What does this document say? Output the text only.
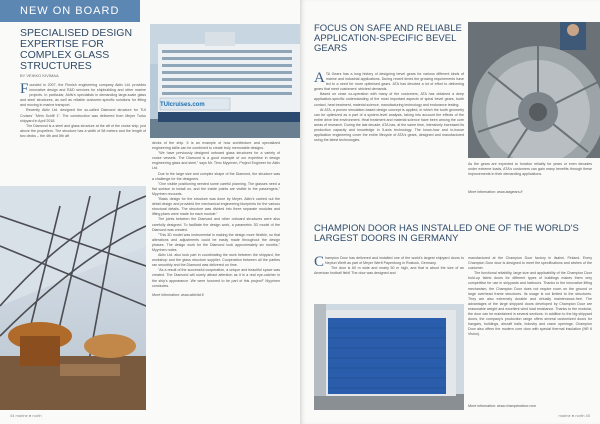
NEW ON BOARD
SPECIALISED DESIGN EXPERTISE FOR COMPLEX GLASS STRUCTURES
BY VEIKKO KIVIMAA
TUIcruises.com

Founded in 2007, the Finnish engineering company Aktiv Ltd. provides innovative design and R&D services for shipbuilding and other marine projects. In particular, Aktiv's specialists in demanding large-scale glass and steel structures, as well as reliable customer-specific solutions for lifting and moving in marine transport.

Recently Aktiv Ltd. designed the so-called Diamond structure for TUI Cruises' "Mein Schiff 1". The construction was delivered from Meyer Turku shipyard in April 2018.

The Diamond is a steel and glass structure at the aft of the cruise ship, just above the propellers. The structure has a width of 58 meters and the length of two decks – the 4th and 5th aft

decks of the ship. It is an example of how architecture and specialized engineering skills can be combined to create truly memorable designs.

"We have previously designed onboard glass structures for a variety of cruise vessels. The Diamond is a good example of our expertise in design engineering glass and steel," says Mr. Timo Myyrinen, Project Engineer for Aktiv Ltd.

Due to the large size and complex shape of the Diamond, the structure was a challenge for the designers.

"One visible positioning needed some careful planning. The glasses need a flat surface to install on, and the inside points are visible to the passengers," Myyrinen recounts.

"Basic design for the structure was done by Meyer. Aktiv's carried out the detail design and provided the mechanical engineering blueprints for the various structural details. The structure was divided into three separate modules and lifting plans were made for each module."

The joints between the Diamond and other onboard structures were also carefully designed. To facilitate the design work, a parametric 3D model of the Diamond was created.

"This 3D model was instrumental in making the design more flexible, so that alterations and adjustments could be easily made throughout the design phases. The design work for the Diamond took approximately six months," Myyrinen notes.

Aktiv Ltd. also took part in coordinating the work between the shipyard, the workshop and the glass structure supplier. Cooperation between all the parties ran smoothly and the Diamond was delivered on time.

"As a result of the successful cooperation, a unique and beautiful space was created. The Diamond will surely attract attention as it is a real eye-catcher in the ship's appearance. We were honored to be part of this project!" Myyrinen concludes.

More information: www.aktivltd.fi

44 marine ● north
FOCUS ON SAFE AND RELIABLE APPLICATION-SPECIFIC BEVEL GEARS

ATA Gears has a long history of designing bevel gears for various different kinds of marine and industrial applications. During recent times the growing requirements have led to a need for more optimised gears. ATA has devoted a lot of effort to delivering gears that meet customers' strictest demands.

Based on close co-operation with many of the customers, ATA has obtained a deep application-specific understanding of the most important aspects of spiral bevel gears, tooth contact, heat treatment, material science, manufacturing technology and endurance testing.

At ATA, a proven simulation-based design concept is applied, in which the tooth geometry can be optimized as a part of a system-level analysis, taking into account the effects of the entire drive line environment. Heat treatment and material science have been among the core areas of research. During the last decade, ATA has, at the same time, intensively increased its production capacity and knowledge in 5-axis technology. The know-how and in-house application engineering cover the entire lifecycle of ATA's gears, designed and manufactured using the latest technologies.

As the gears are expected to function reliably for years or even decades under extreme loads, ATA's customers can gain many benefits through these improvements in their demanding applications.

More information: www.atagears.fi
CHAMPION DOOR HAS INSTALLED ONE OF THE WORLD'S LARGEST DOORS IN GERMANY

Champion Door has delivered and installed one of the world's largest shipyard doors to Neptun Werft as part of Meyer Werft Papenburg in Rostock, Germany.

The door is 60 m wide and nearly 50 m high, and that is about the size of an American football field! The door was designed and

manufactured at the Champion Door factory in Iisalmi, Finland. Every Champion Door door is designed to meet the specifications and wishes of the customer.

The functional reliability, large size and applicability of the Champion Door hold-up fabric doors for different types of buildings makes them very competitive for use in shipyards and harbours. Thanks to the innovative lifting mechanism, the Champion Door does not require room on the ground or large overhead frame structures. Its usage is not limited to the structures. They are also extremely durable and virtually maintenance-free. The advantages of the large shipyard doors developed by Champion Door are reasonable weight and excellent wind load resistance. Thanks to the modular, the door can be maintained in several sections. In addition to the big shipyard doors, the company's production range offers several customized doors for hangars, buildings, aircraft halls, industry and crane openings. Champion Door also offers the modern core door with special thermal insulation (NR 6 Vision).

More information: www.championdoor.com
marine ● north 45
